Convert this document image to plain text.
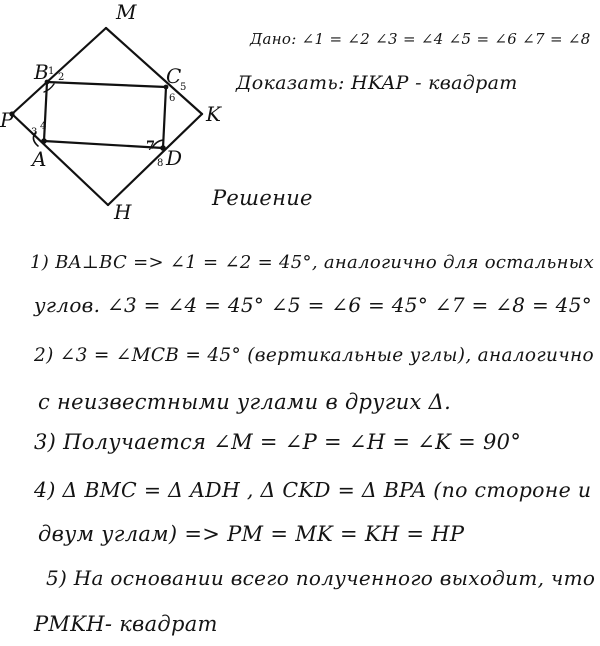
M
P	K
H
B	C
A	D
1
2
3
4
5
6
7
8
Дано: ∠1 = ∠2 ∠3 = ∠4 ∠5 = ∠6 ∠7 = ∠8
Доказать: HKAP - квадрат
Решение
1) BA⊥BC => ∠1 = ∠2 = 45°, аналогично для остальных
углов. ∠3 = ∠4 = 45° ∠5 = ∠6 = 45° ∠7 = ∠8 = 45°
2) ∠3 = ∠MCB = 45° (вертикальные углы), аналогично
с неизвестными углами в других Δ.
3) Получается ∠M = ∠P = ∠H = ∠K = 90°
4) Δ BMC = Δ ADH , Δ CKD = Δ BPA (по стороне и
двум углам) => PM = MK = KH = HP
5) На основании всего полученного выходит, что
PMKH- квадрат
